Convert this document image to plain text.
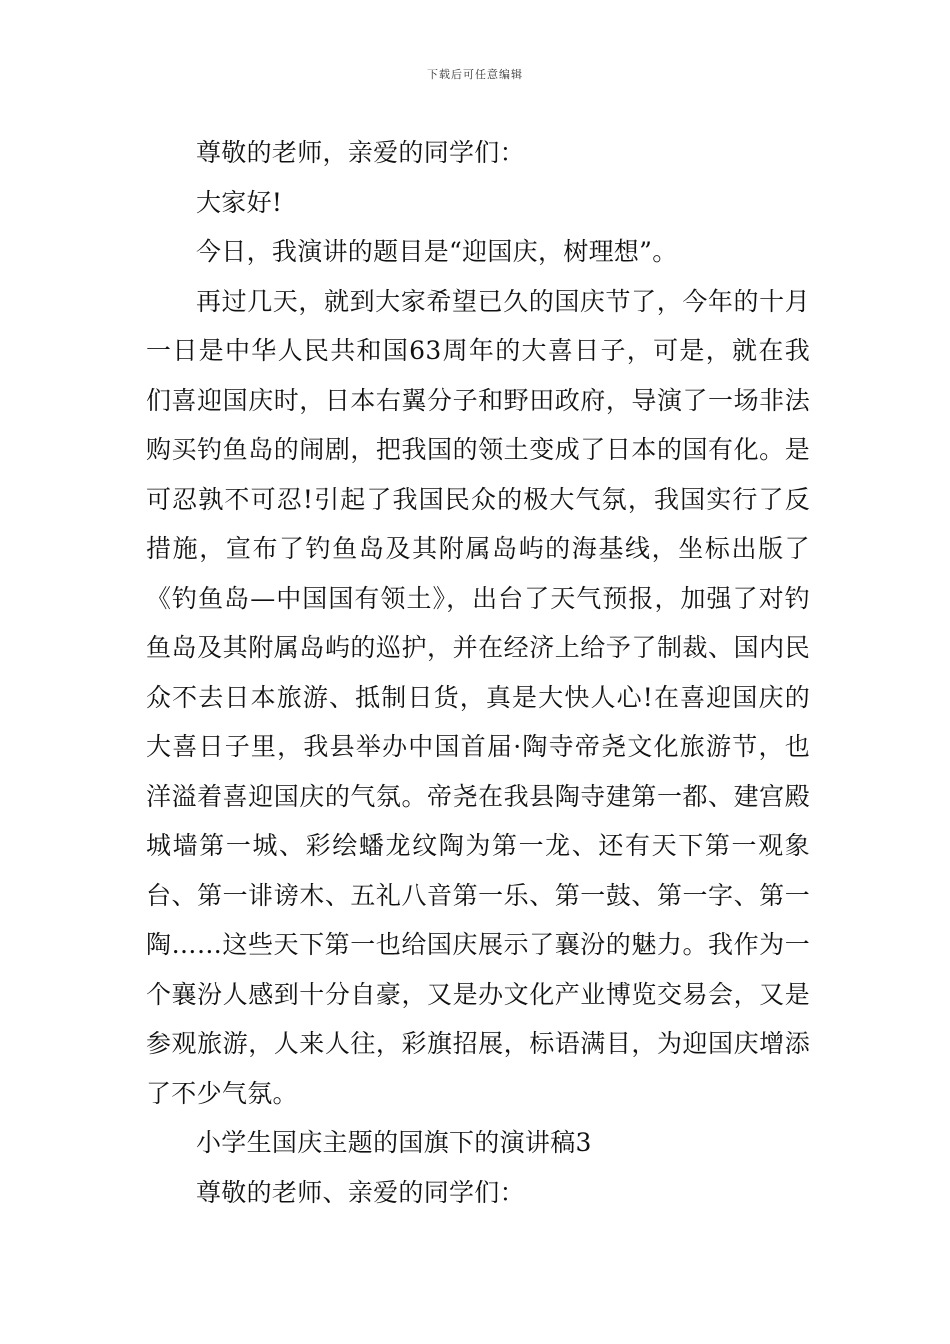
下载后可任意编辑

尊敬的老师，亲爱的同学们：

大家好!

今日，我演讲的题目是“迎国庆，树理想”。

再过几天，就到大家希望已久的国庆节了，今年的十月一日是中华人民共和国63周年的大喜日子，可是，就在我们喜迎国庆时，日本右翼分子和野田政府，导演了一场非法购买钓鱼岛的闹剧，把我国的领土变成了日本的国有化。是可忍孰不可忍!引起了我国民众的极大气氛，我国实行了反措施，宣布了钓鱼岛及其附属岛屿的海基线，坐标出版了《钓鱼岛—中国国有领土》，出台了天气预报，加强了对钓鱼岛及其附属岛屿的巡护，并在经济上给予了制裁、国内民众不去日本旅游、抵制日货，真是大快人心!在喜迎国庆的大喜日子里，我县举办中国首届·陶寺帝尧文化旅游节，也洋溢着喜迎国庆的气氛。帝尧在我县陶寺建第一都、建宫殿城墙第一城、彩绘蟠龙纹陶为第一龙、还有天下第一观象台、第一诽谤木、五礼八音第一乐、第一鼓、第一字、第一陶……这些天下第一也给国庆展示了襄汾的魅力。我作为一个襄汾人感到十分自豪，又是办文化产业博览交易会，又是参观旅游，人来人往，彩旗招展，标语满目，为迎国庆增添了不少气氛。

小学生国庆主题的国旗下的演讲稿3

尊敬的老师、亲爱的同学们：
